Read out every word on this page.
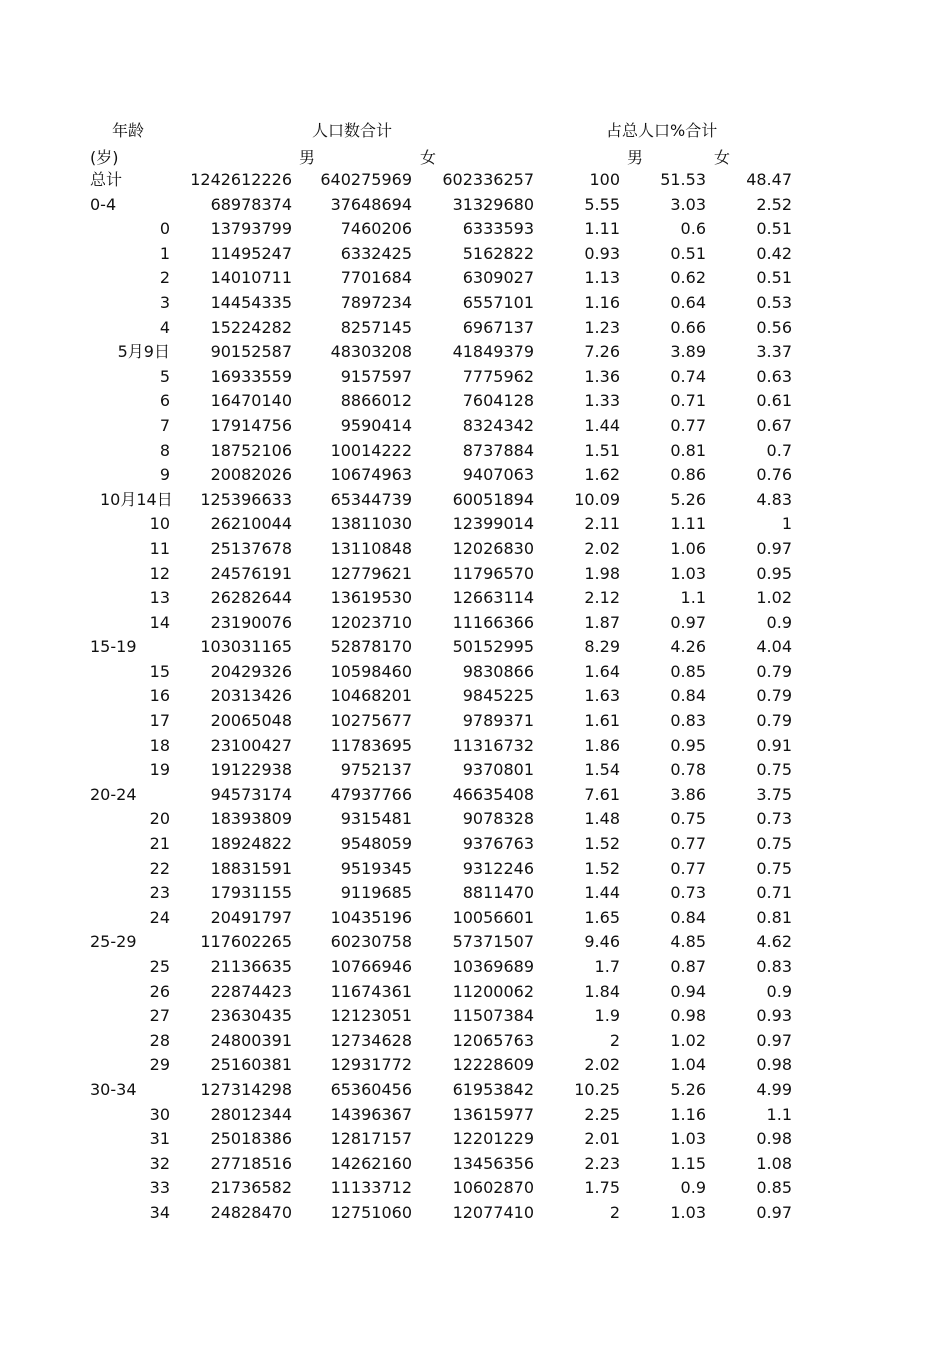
年龄
(岁)
人口数合计
男	女
占总人口%合计
男	女
总计	1242612226	640275969	602336257	100	51.53	48.47
0-4	68978374	37648694	31329680	5.55	3.03	2.52
0	13793799	7460206	6333593	1.11	0.6	0.51
1	11495247	6332425	5162822	0.93	0.51	0.42
2	14010711	7701684	6309027	1.13	0.62	0.51
3	14454335	7897234	6557101	1.16	0.64	0.53
4	15224282	8257145	6967137	1.23	0.66	0.56
5月9日	90152587	48303208	41849379	7.26	3.89	3.37
5	16933559	9157597	7775962	1.36	0.74	0.63
6	16470140	8866012	7604128	1.33	0.71	0.61
7	17914756	9590414	8324342	1.44	0.77	0.67
8	18752106	10014222	8737884	1.51	0.81	0.7
9	20082026	10674963	9407063	1.62	0.86	0.76
10月14日	125396633	65344739	60051894	10.09	5.26	4.83
10	26210044	13811030	12399014	2.11	1.11	1
11	25137678	13110848	12026830	2.02	1.06	0.97
12	24576191	12779621	11796570	1.98	1.03	0.95
13	26282644	13619530	12663114	2.12	1.1	1.02
14	23190076	12023710	11166366	1.87	0.97	0.9
15-19	103031165	52878170	50152995	8.29	4.26	4.04
15	20429326	10598460	9830866	1.64	0.85	0.79
16	20313426	10468201	9845225	1.63	0.84	0.79
17	20065048	10275677	9789371	1.61	0.83	0.79
18	23100427	11783695	11316732	1.86	0.95	0.91
19	19122938	9752137	9370801	1.54	0.78	0.75
20-24	94573174	47937766	46635408	7.61	3.86	3.75
20	18393809	9315481	9078328	1.48	0.75	0.73
21	18924822	9548059	9376763	1.52	0.77	0.75
22	18831591	9519345	9312246	1.52	0.77	0.75
23	17931155	9119685	8811470	1.44	0.73	0.71
24	20491797	10435196	10056601	1.65	0.84	0.81
25-29	117602265	60230758	57371507	9.46	4.85	4.62
25	21136635	10766946	10369689	1.7	0.87	0.83
26	22874423	11674361	11200062	1.84	0.94	0.9
27	23630435	12123051	11507384	1.9	0.98	0.93
28	24800391	12734628	12065763	2	1.02	0.97
29	25160381	12931772	12228609	2.02	1.04	0.98
30-34	127314298	65360456	61953842	10.25	5.26	4.99
30	28012344	14396367	13615977	2.25	1.16	1.1
31	25018386	12817157	12201229	2.01	1.03	0.98
32	27718516	14262160	13456356	2.23	1.15	1.08
33	21736582	11133712	10602870	1.75	0.9	0.85
34	24828470	12751060	12077410	2	1.03	0.97
